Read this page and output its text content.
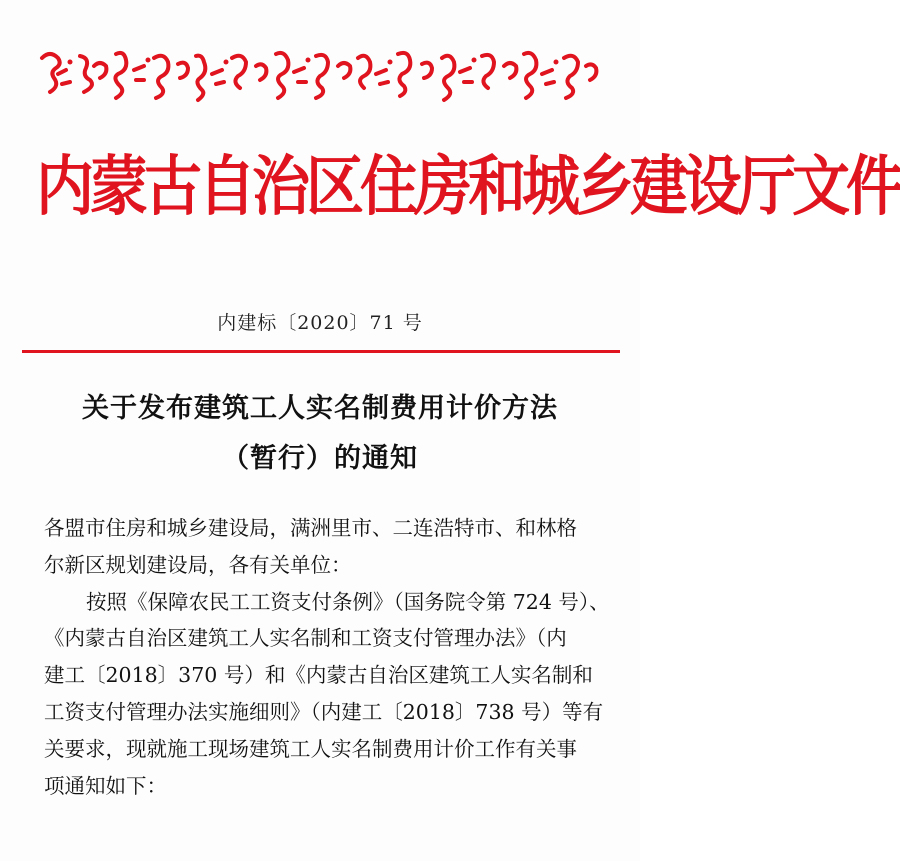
内蒙古自治区住房和城乡建设厅文件
内建标〔2020〕71 号
关于发布建筑工人实名制费用计价方法
（暂行）的通知

各盟市住房和城乡建设局，满洲里市、二连浩特市、和林格

尔新区规划建设局，各有关单位：

按照《保障农民工工资支付条例》（国务院令第 724 号）、

《内蒙古自治区建筑工人实名制和工资支付管理办法》（内

建工〔2018〕370 号）和《内蒙古自治区建筑工人实名制和

工资支付管理办法实施细则》（内建工〔2018〕738 号）等有

关要求，现就施工现场建筑工人实名制费用计价工作有关事

项通知如下：
